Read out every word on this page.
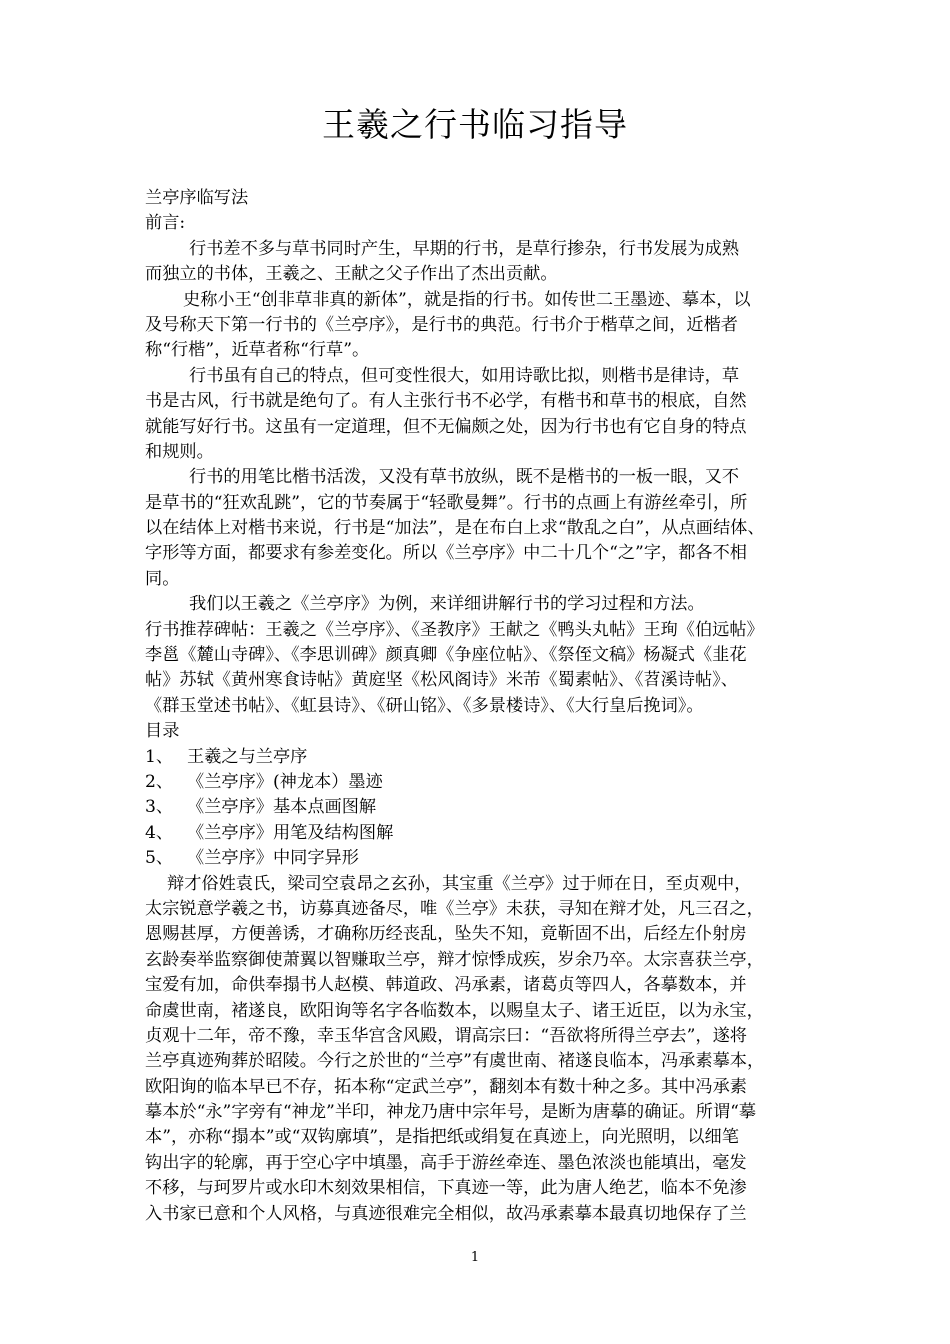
王羲之行书临习指导
兰亭序临写法
前言:
行书差不多与草书同时产生，早期的行书，是草行掺杂，行书发展为成熟
而独立的书体，王羲之、王献之父子作出了杰出贡献。
史称小王“创非草非真的新体”，就是指的行书。如传世二王墨迹、摹本，以
及号称天下第一行书的《兰亭序》，是行书的典范。行书介于楷草之间，近楷者
称“行楷”，近草者称“行草”。
行书虽有自己的特点，但可变性很大，如用诗歌比拟，则楷书是律诗，草
书是古风，行书就是绝句了。有人主张行书不必学，有楷书和草书的根底，自然
就能写好行书。这虽有一定道理，但不无偏颇之处，因为行书也有它自身的特点
和规则。
行书的用笔比楷书活泼，又没有草书放纵，既不是楷书的一板一眼，又不
是草书的“狂欢乱跳”，它的节奏属于“轻歌曼舞”。行书的点画上有游丝牵引，所
以在结体上对楷书来说，行书是“加法”，是在布白上求“散乱之白”，从点画结体、
字形等方面，都要求有参差变化。所以《兰亭序》中二十几个“之”字，都各不相
同。
我们以王羲之《兰亭序》为例，来详细讲解行书的学习过程和方法。
行书推荐碑帖：王羲之《兰亭序》、《圣教序》王献之《鸭头丸帖》王珣《伯远帖》
李邕《麓山寺碑》、《李思训碑》颜真卿《争座位帖》、《祭侄文稿》杨凝式《韭花
帖》苏轼《黄州寒食诗帖》黄庭坚《松风阁诗》米芾《蜀素帖》、《苕溪诗帖》、
《群玉堂述书帖》、《虹县诗》、《研山铭》、《多景楼诗》、《大行皇后挽词》。
目录
1、 王羲之与兰亭序
2、 《兰亭序》(神龙本）墨迹
3、 《兰亭序》基本点画图解
4、 《兰亭序》用笔及结构图解
5、 《兰亭序》中同字异形
辩才俗姓袁氏，梁司空袁昂之玄孙，其宝重《兰亭》过于师在日，至贞观中，
太宗锐意学羲之书，访募真迹备尽，唯《兰亭》未获，寻知在辩才处，凡三召之，
恩赐甚厚，方便善诱，才确称历经丧乱，坠失不知，竟靳固不出，后经左仆射房
玄龄奏举监察御使萧翼以智赚取兰亭，辩才惊悸成疾，岁余乃卒。太宗喜获兰亭，
宝爱有加，命供奉搨书人赵模、韩道政、冯承素，诸葛贞等四人，各摹数本，并
命虞世南，褚遂良，欧阳询等名字各临数本，以赐皇太子、诸王近臣，以为永宝，
贞观十二年，帝不豫，幸玉华宫含风殿，谓高宗曰：“吾欲将所得兰亭去”，遂将
兰亭真迹殉葬於昭陵。今行之於世的“兰亭”有虞世南、褚遂良临本，冯承素摹本，
欧阳询的临本早已不存，拓本称“定武兰亭”，翻刻本有数十种之多。其中冯承素
摹本於“永”字旁有“神龙”半印，神龙乃唐中宗年号，是断为唐摹的确证。所谓“摹
本”，亦称“搨本”或“双钩廓填”，是指把纸或绢复在真迹上，向光照明，以细笔
钩出字的轮廓，再于空心字中填墨，高手于游丝牵连、墨色浓淡也能填出，毫发
不移，与珂罗片或水印木刻效果相信，下真迹一等，此为唐人绝艺，临本不免渗
入书家已意和个人风格，与真迹很难完全相似，故冯承素摹本最真切地保存了兰
1
